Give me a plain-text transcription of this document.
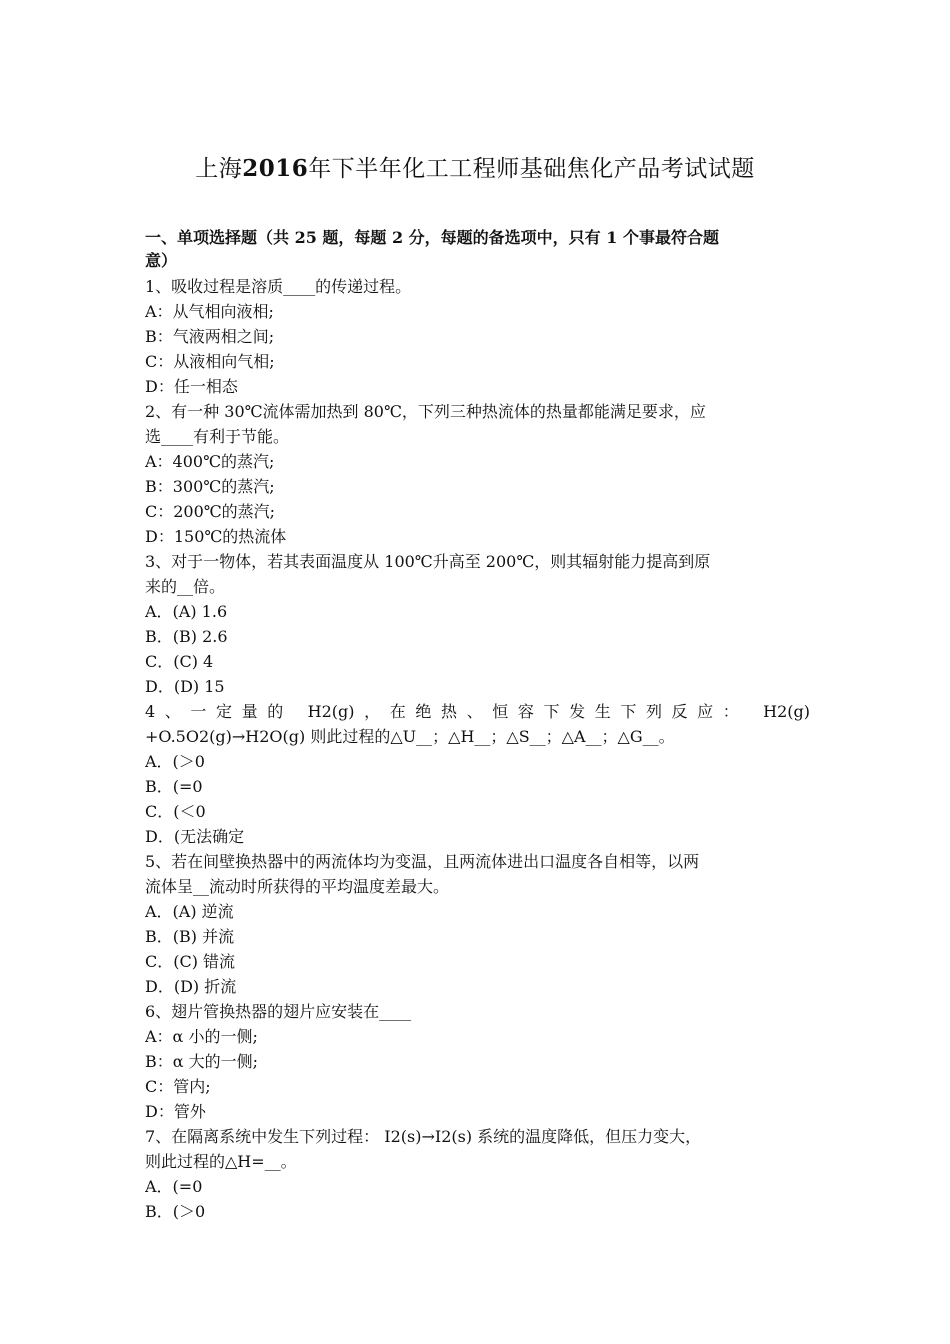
上海2016年下半年化工工程师基础焦化产品考试试题
一、单项选择题（共 25 题，每题 2 分，每题的备选项中，只有 1 个事最符合题
意）
1、吸收过程是溶质____的传递过程。
A：从气相向液相;
B：气液两相之间;
C：从液相向气相;
D：任一相态
2、有一种 30℃流体需加热到 80℃，下列三种热流体的热量都能满足要求，应
选____有利于节能。
A：400℃的蒸汽;
B：300℃的蒸汽;
C：200℃的蒸汽;
D：150℃的热流体
3、对于一物体，若其表面温度从 100℃升高至 200℃，则其辐射能力提高到原
来的__倍。
A．(A) 1.6
B．(B) 2.6
C．(C) 4
D．(D) 15
4、一定量的 H2(g)，在绝热、恒容下发生下列反应： H2(g)
+O.5O2(g)→H2O(g) 则此过程的△U__；△H__；△S__；△A__；△G__。
A．(＞0
B．(=0
C．(＜0
D．(无法确定
5、若在间壁换热器中的两流体均为变温，且两流体进出口温度各自相等，以两
流体呈__流动时所获得的平均温度差最大。
A．(A) 逆流
B．(B) 并流
C．(C) 错流
D．(D) 折流
6、翅片管换热器的翅片应安装在____
A：α 小的一侧;
B：α 大的一侧;
C：管内;
D：管外
7、在隔离系统中发生下列过程： I2(s)→I2(s) 系统的温度降低，但压力变大，
则此过程的△H=__。
A．(=0
B．(＞0
